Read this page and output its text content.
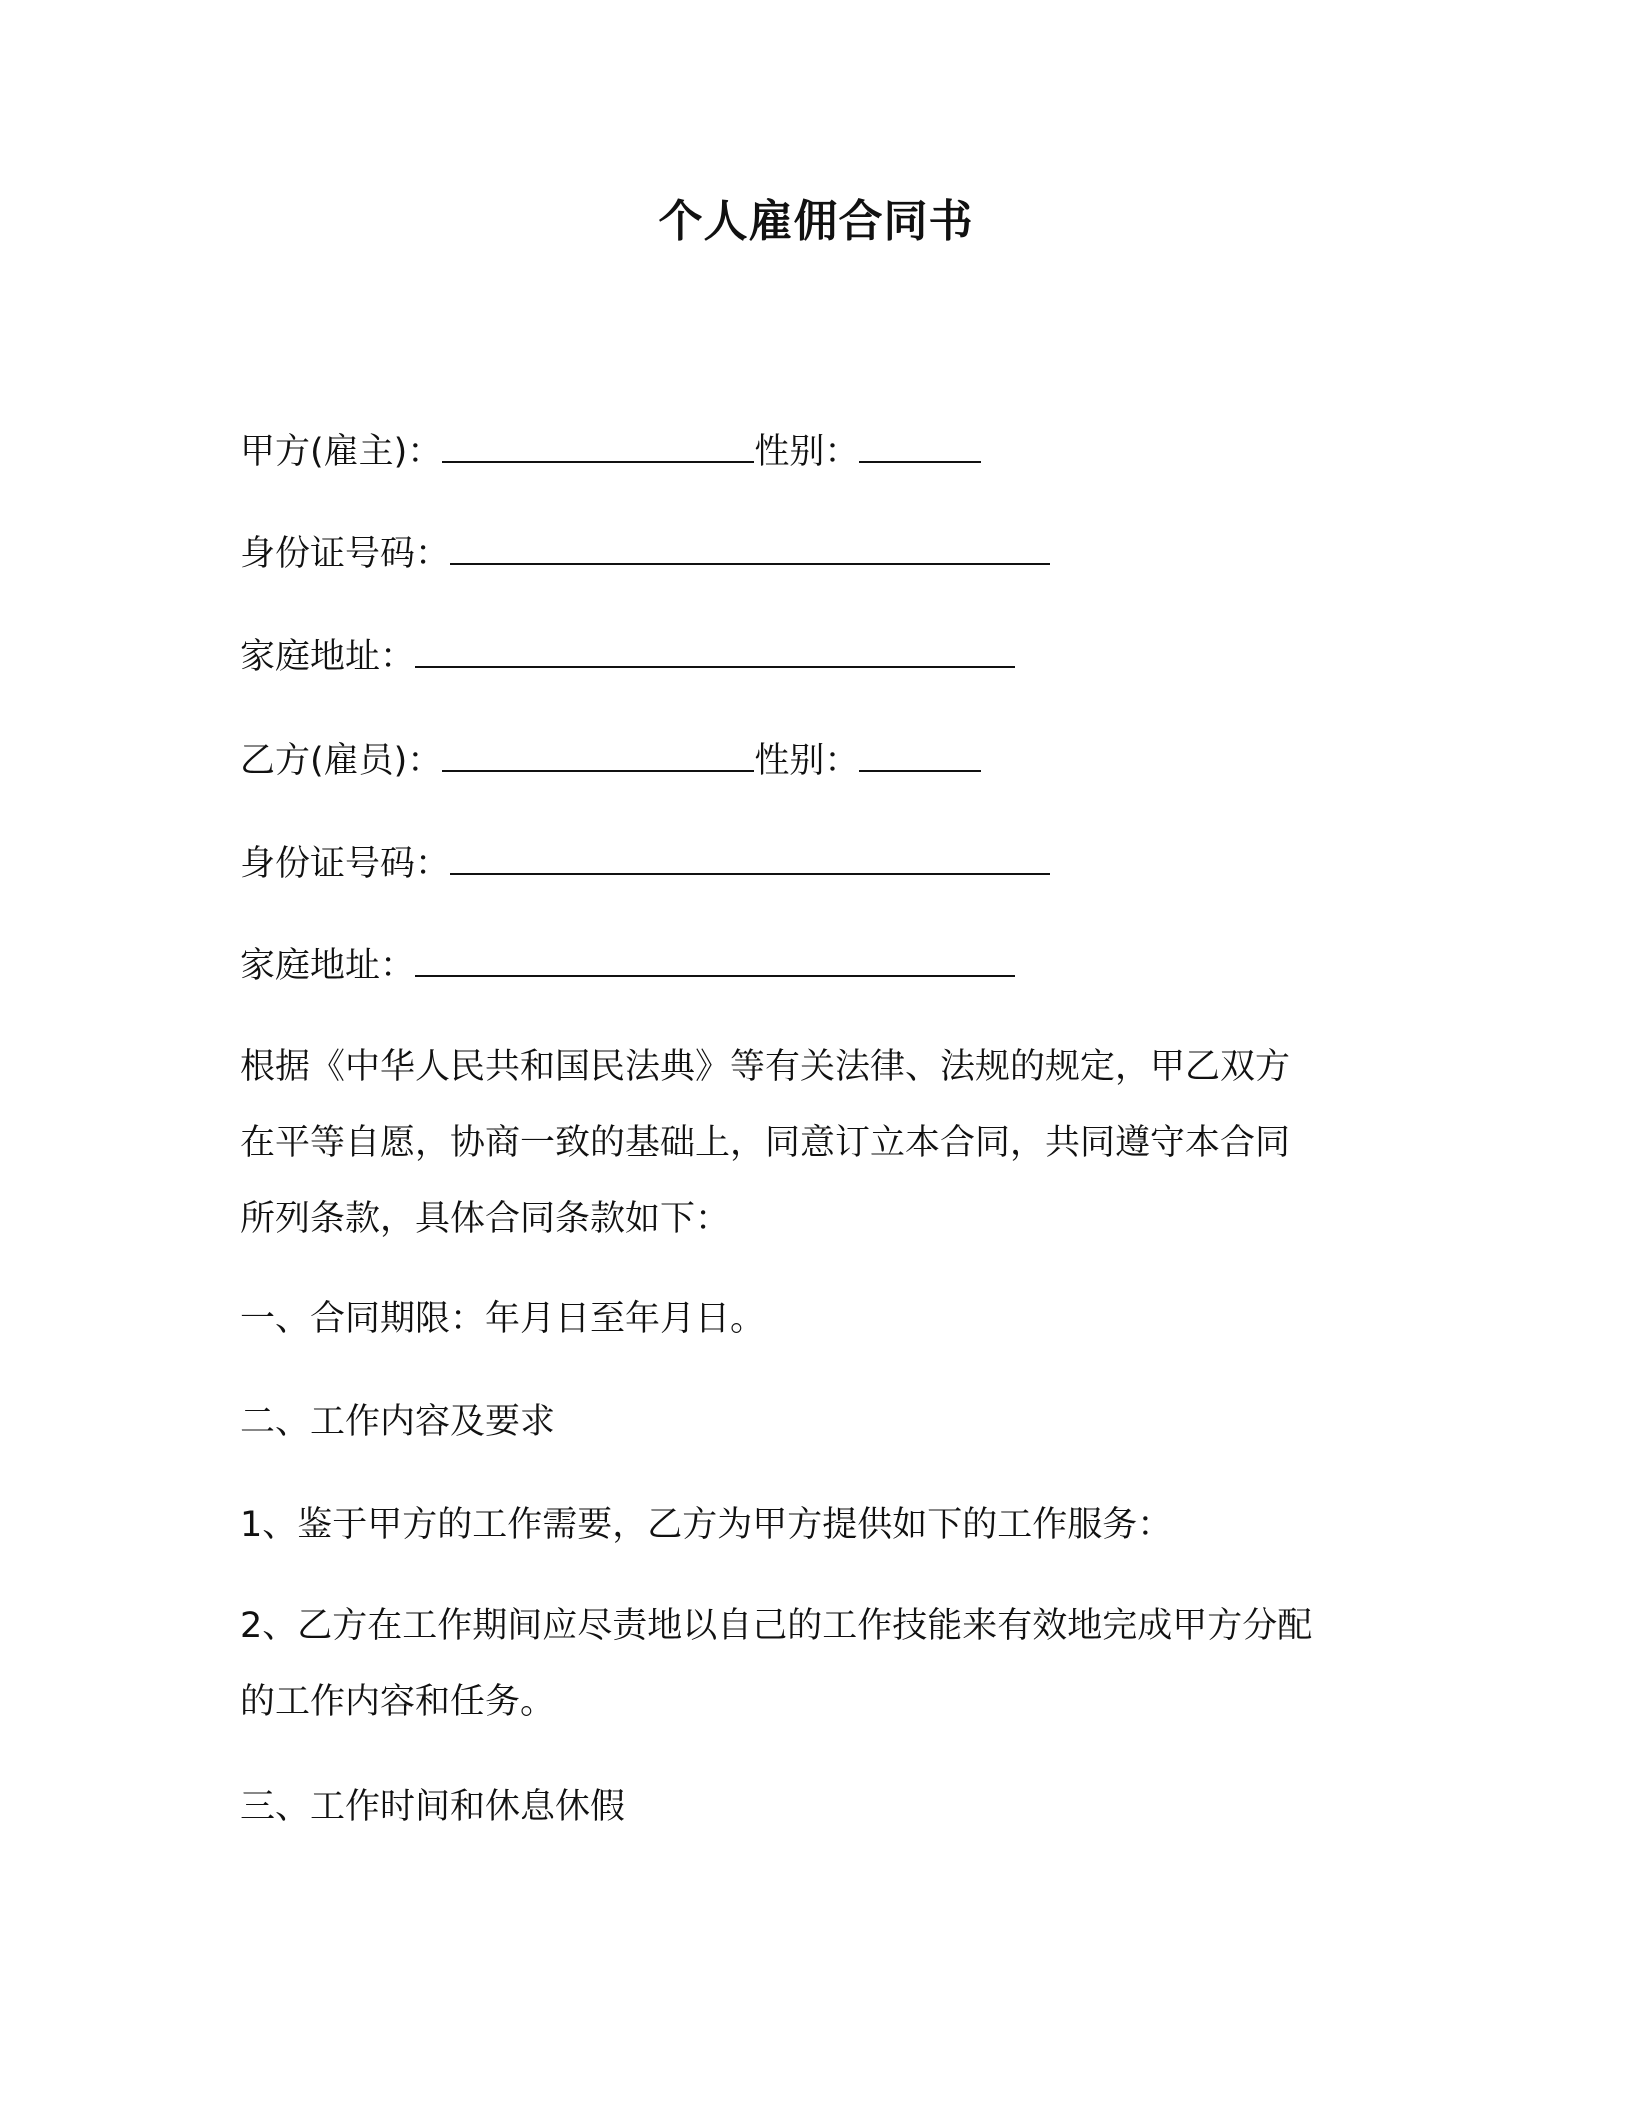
个人雇佣合同书
甲方(雇主)：	性别：
身份证号码：
家庭地址：
乙方(雇员)：	性别：
身份证号码：
家庭地址：
根据《中华人民共和国民法典》等有关法律、法规的规定，甲乙双方
在平等自愿，协商一致的基础上，同意订立本合同，共同遵守本合同
所列条款，具体合同条款如下：
一、合同期限：年月日至年月日。
二、工作内容及要求
1、鉴于甲方的工作需要，乙方为甲方提供如下的工作服务：
2、乙方在工作期间应尽责地以自己的工作技能来有效地完成甲方分配
的工作内容和任务。
三、工作时间和休息休假
